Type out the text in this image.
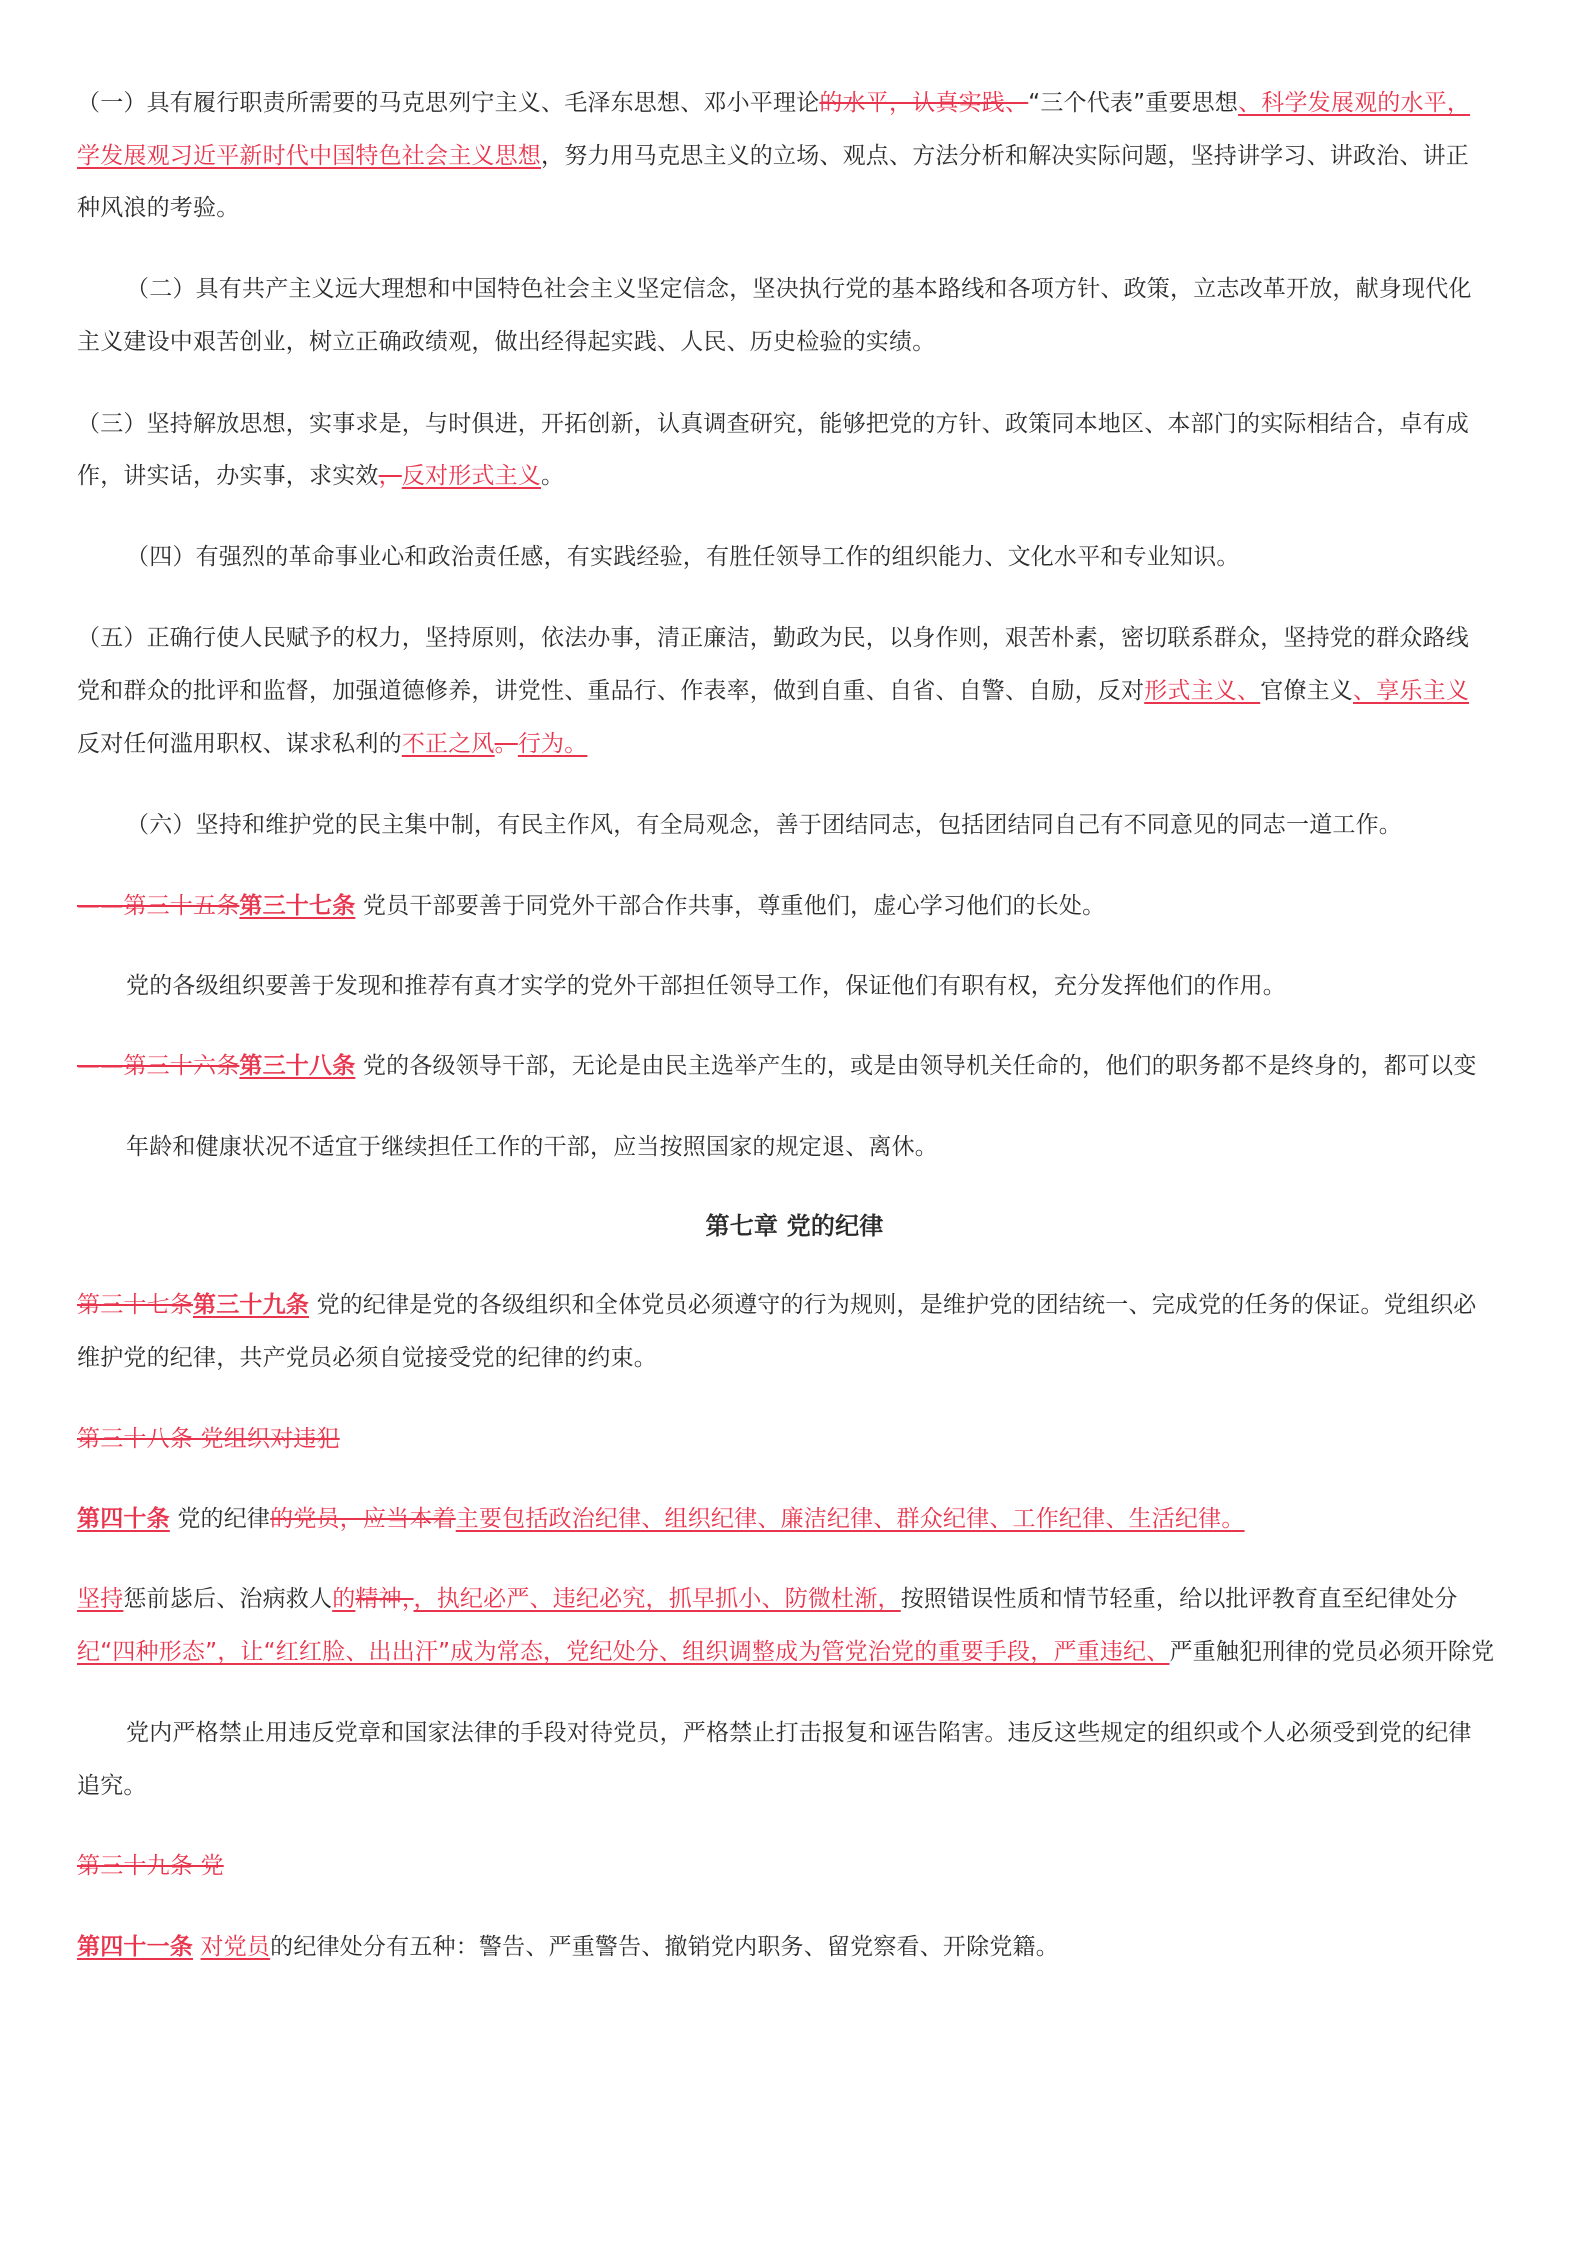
（一）具有履行职责所需要的马克思列宁主义、毛泽东思想、邓小平理论的水平，认真实践、“三个代表”重要思想、科学发展观的水平，
学发展观习近平新时代中国特色社会主义思想，努力用马克思主义的立场、观点、方法分析和解决实际问题，坚持讲学习、讲政治、讲正
种风浪的考验。
（二）具有共产主义远大理想和中国特色社会主义坚定信念，坚决执行党的基本路线和各项方针、政策，立志改革开放，献身现代化
主义建设中艰苦创业，树立正确政绩观，做出经得起实践、人民、历史检验的实绩。
（三）坚持解放思想，实事求是，与时俱进，开拓创新，认真调查研究，能够把党的方针、政策同本地区、本部门的实际相结合，卓有成
作，讲实话，办实事，求实效，反对形式主义。
（四）有强烈的革命事业心和政治责任感，有实践经验，有胜任领导工作的组织能力、文化水平和专业知识。
（五）正确行使人民赋予的权力，坚持原则，依法办事，清正廉洁，勤政为民，以身作则，艰苦朴素，密切联系群众，坚持党的群众路线
党和群众的批评和监督，加强道德修养，讲党性、重品行、作表率，做到自重、自省、自警、自励，反对形式主义、官僚主义、享乐主义
反对任何滥用职权、谋求私利的不正之风。行为。
（六）坚持和维护党的民主集中制，有民主作风，有全局观念，善于团结同志，包括团结同自己有不同意见的同志一道工作。
——第三十五条第三十七条 党员干部要善于同党外干部合作共事，尊重他们，虚心学习他们的长处。
党的各级组织要善于发现和推荐有真才实学的党外干部担任领导工作，保证他们有职有权，充分发挥他们的作用。
——第三十六条第三十八条 党的各级领导干部，无论是由民主选举产生的，或是由领导机关任命的，他们的职务都不是终身的，都可以变
年龄和健康状况不适宜于继续担任工作的干部，应当按照国家的规定退、离休。
第七章 党的纪律
第三十七条第三十九条 党的纪律是党的各级组织和全体党员必须遵守的行为规则，是维护党的团结统一、完成党的任务的保证。党组织必
维护党的纪律，共产党员必须自觉接受党的纪律的约束。
第三十八条 党组织对违犯
第四十条 党的纪律的党员，应当本着主要包括政治纪律、组织纪律、廉洁纪律、群众纪律、工作纪律、生活纪律。
坚持惩前毖后、治病救人的精神，，执纪必严、违纪必究，抓早抓小、防微杜渐，按照错误性质和情节轻重，给以批评教育直至纪律处分
纪“四种形态”，让“红红脸、出出汗”成为常态，党纪处分、组织调整成为管党治党的重要手段，严重违纪、严重触犯刑律的党员必须开除党
党内严格禁止用违反党章和国家法律的手段对待党员，严格禁止打击报复和诬告陷害。违反这些规定的组织或个人必须受到党的纪律
追究。
第三十九条 党
第四十一条 对党员的纪律处分有五种：警告、严重警告、撤销党内职务、留党察看、开除党籍。
